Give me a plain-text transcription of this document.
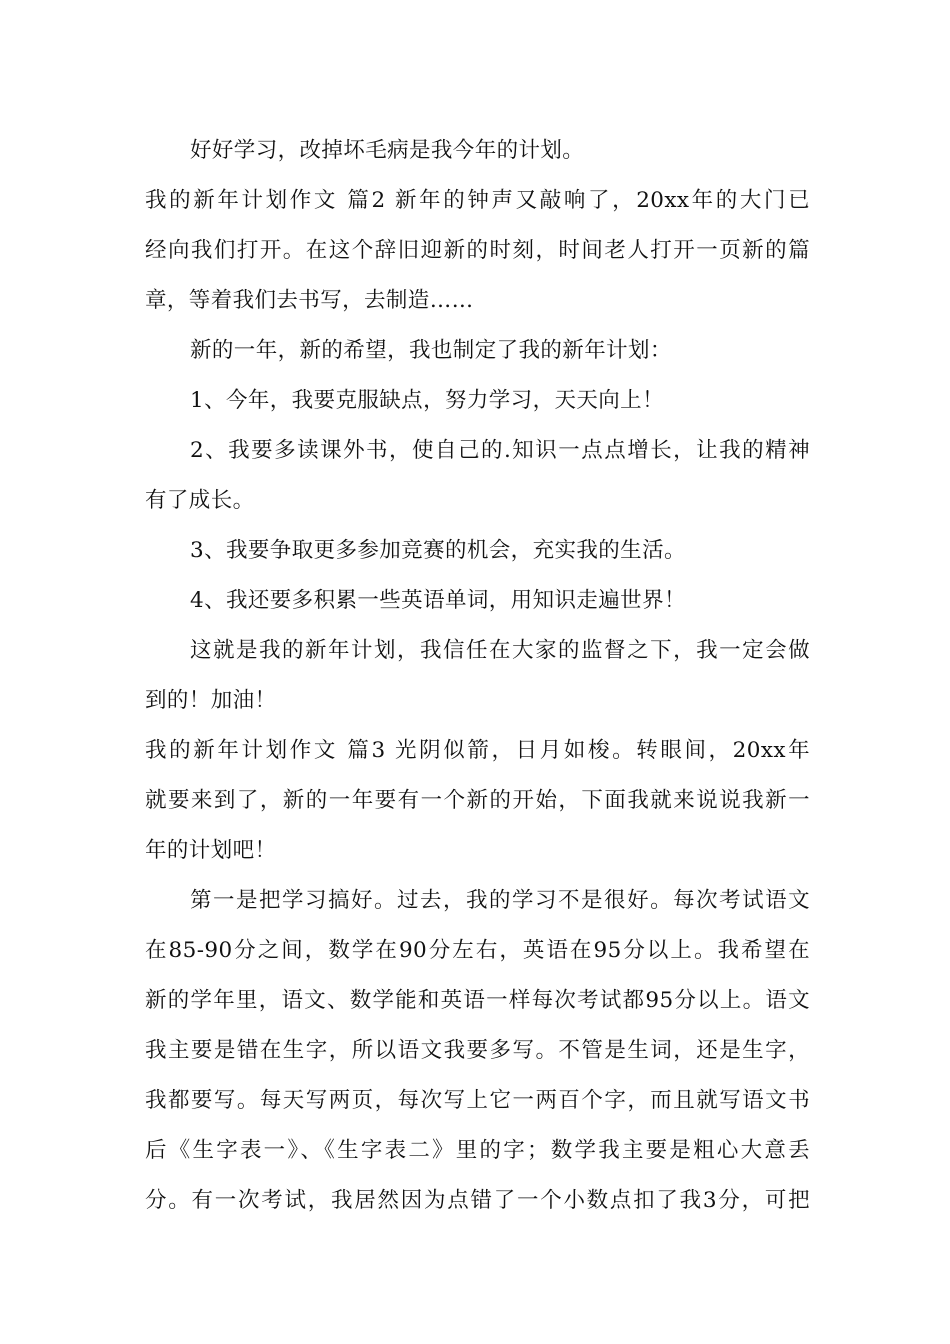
好好学习，改掉坏毛病是我今年的计划。
我的新年计划作文 篇2 新年的钟声又敲响了，20xx年的大门已
经向我们打开。在这个辞旧迎新的时刻，时间老人打开一页新的篇
章，等着我们去书写，去制造……
新的一年，新的希望，我也制定了我的新年计划：
1、今年，我要克服缺点，努力学习，天天向上！
2、我要多读课外书，使自己的.知识一点点增长，让我的精神
有了成长。
3、我要争取更多参加竞赛的机会，充实我的生活。
4、我还要多积累一些英语单词，用知识走遍世界！
这就是我的新年计划，我信任在大家的监督之下，我一定会做
到的！加油！
我的新年计划作文 篇3 光阴似箭，日月如梭。转眼间，20xx年
就要来到了，新的一年要有一个新的开始，下面我就来说说我新一
年的计划吧！
第一是把学习搞好。过去，我的学习不是很好。每次考试语文
在85-90分之间，数学在90分左右，英语在95分以上。我希望在
新的学年里，语文、数学能和英语一样每次考试都95分以上。语文
我主要是错在生字，所以语文我要多写。不管是生词，还是生字，
我都要写。每天写两页，每次写上它一两百个字，而且就写语文书
后《生字表一》、《生字表二》里的字；数学我主要是粗心大意丢
分。有一次考试，我居然因为点错了一个小数点扣了我3分，可把
